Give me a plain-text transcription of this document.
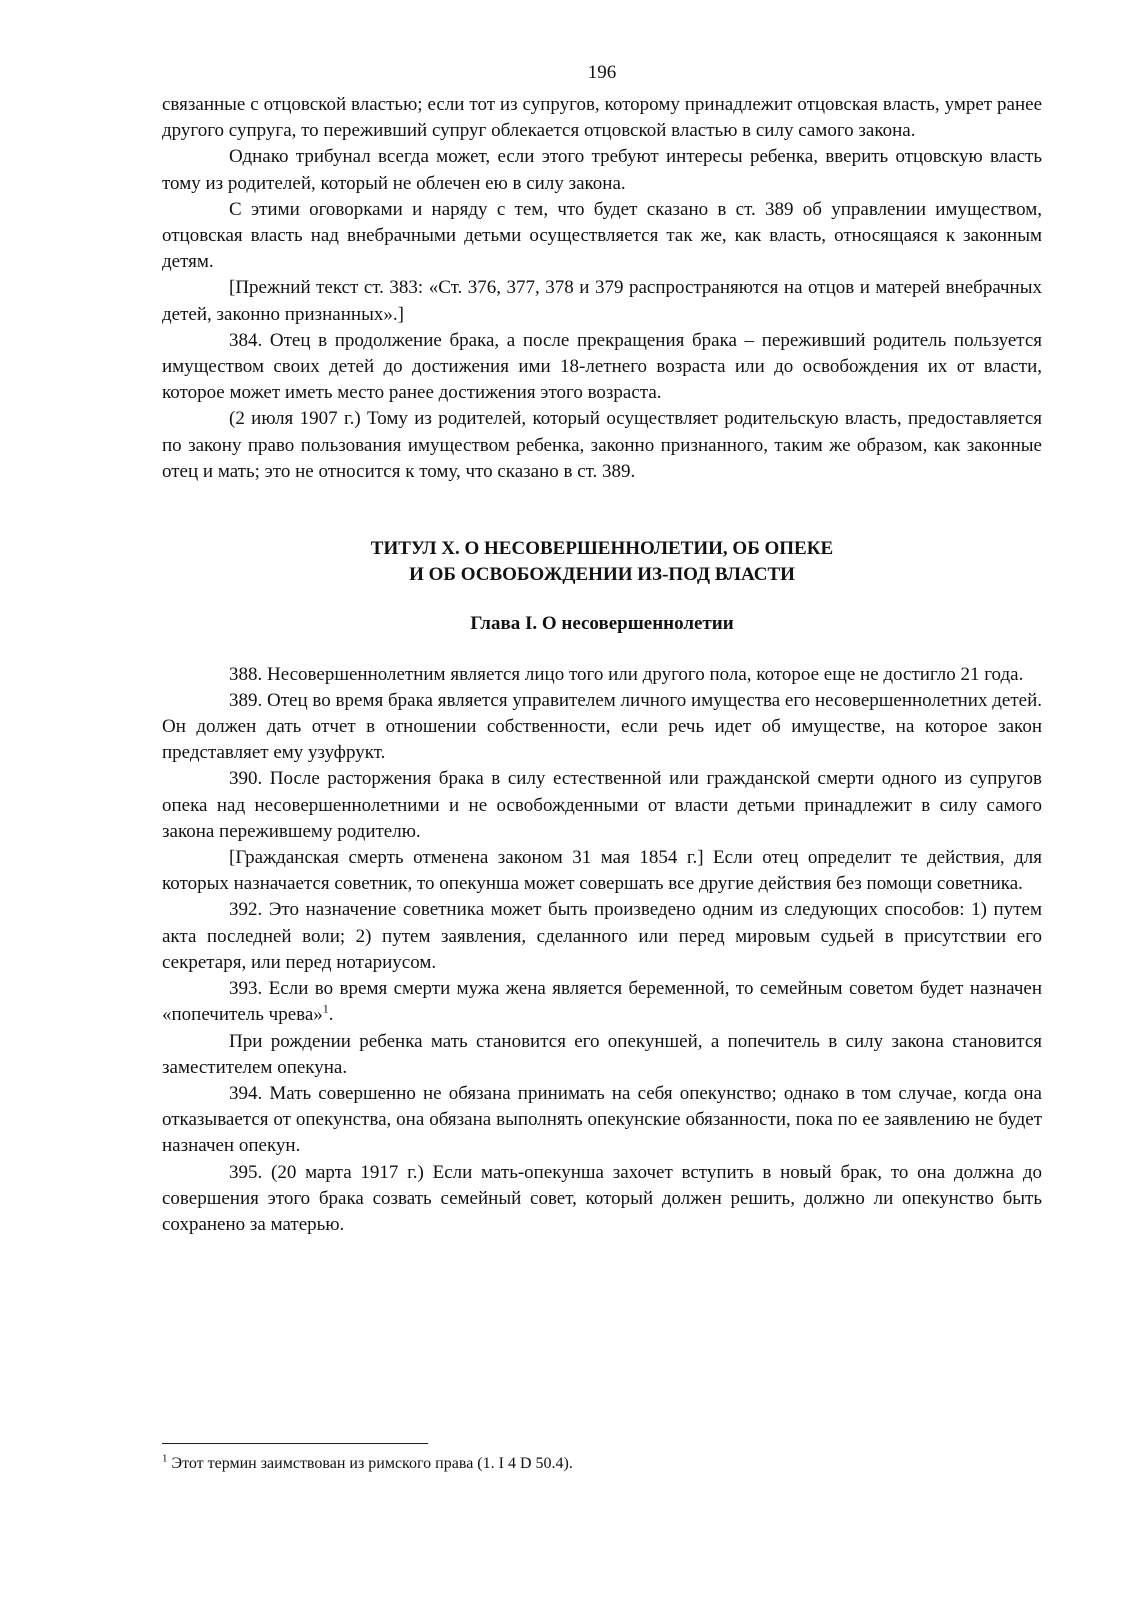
196

связанные с отцовской властью; если тот из супругов, которому принадлежит отцовская власть, умрет ранее другого супруга, то переживший супруг облекается отцовской властью в силу самого закона.

Однако трибунал всегда может, если этого требуют интересы ребенка, вверить отцовскую власть тому из родителей, который не облечен ею в силу закона.

С этими оговорками и наряду с тем, что будет сказано в ст. 389 об управлении имуществом, отцовская власть над внебрачными детьми осуществляется так же, как власть, относящаяся к законным детям.

[Прежний текст ст. 383: «Ст. 376, 377, 378 и 379 распространяются на отцов и матерей внебрачных детей, законно признанных».]

384. Отец в продолжение брака, а после прекращения брака – переживший родитель пользуется имуществом своих детей до достижения ими 18-летнего возраста или до освобождения их от власти, которое может иметь место ранее достижения этого возраста.

(2 июля 1907 г.) Тому из родителей, который осуществляет родительскую власть, предоставляется по закону право пользования имуществом ребенка, законно признанного, таким же образом, как законные отец и мать; это не относится к тому, что сказано в ст. 389.

ТИТУЛ X. О НЕСОВЕРШЕННОЛЕТИИ, ОБ ОПЕКЕ

И ОБ ОСВОБОЖДЕНИИ ИЗ-ПОД ВЛАСТИ

Глава I. О несовершеннолетии

388. Несовершеннолетним является лицо того или другого пола, которое еще не достигло 21 года.

389. Отец во время брака является управителем личного имущества его несовершеннолетних детей. Он должен дать отчет в отношении собственности, если речь идет об имуществе, на которое закон представляет ему узуфрукт.

390. После расторжения брака в силу естественной или гражданской смерти одного из супругов опека над несовершеннолетними и не освобожденными от власти детьми принадлежит в силу самого закона пережившему родителю.

[Гражданская смерть отменена законом 31 мая 1854 г.] Если отец определит те действия, для которых назначается советник, то опекунша может совершать все другие действия без помощи советника.

392. Это назначение советника может быть произведено одним из следующих способов: 1) путем акта последней воли; 2) путем заявления, сделанного или перед мировым судьей в присутствии его секретаря, или перед нотариусом.

393. Если во время смерти мужа жена является беременной, то семейным советом будет назначен «попечитель чрева»$^1$.

При рождении ребенка мать становится его опекуншей, а попечитель в силу закона становится заместителем опекуна.

394. Мать совершенно не обязана принимать на себя опекунство; однако в том случае, когда она отказывается от опекунства, она обязана выполнять опекунские обязанности, пока по ее заявлению не будет назначен опекун.

395. (20 марта 1917 г.) Если мать-опекунша захочет вступить в новый брак, то она должна до совершения этого брака созвать семейный совет, который должен решить, должно ли опекунство быть сохранено за матерью.

$^1$ Этот термин заимствован из римского права (1. I 4 D 50.4).
